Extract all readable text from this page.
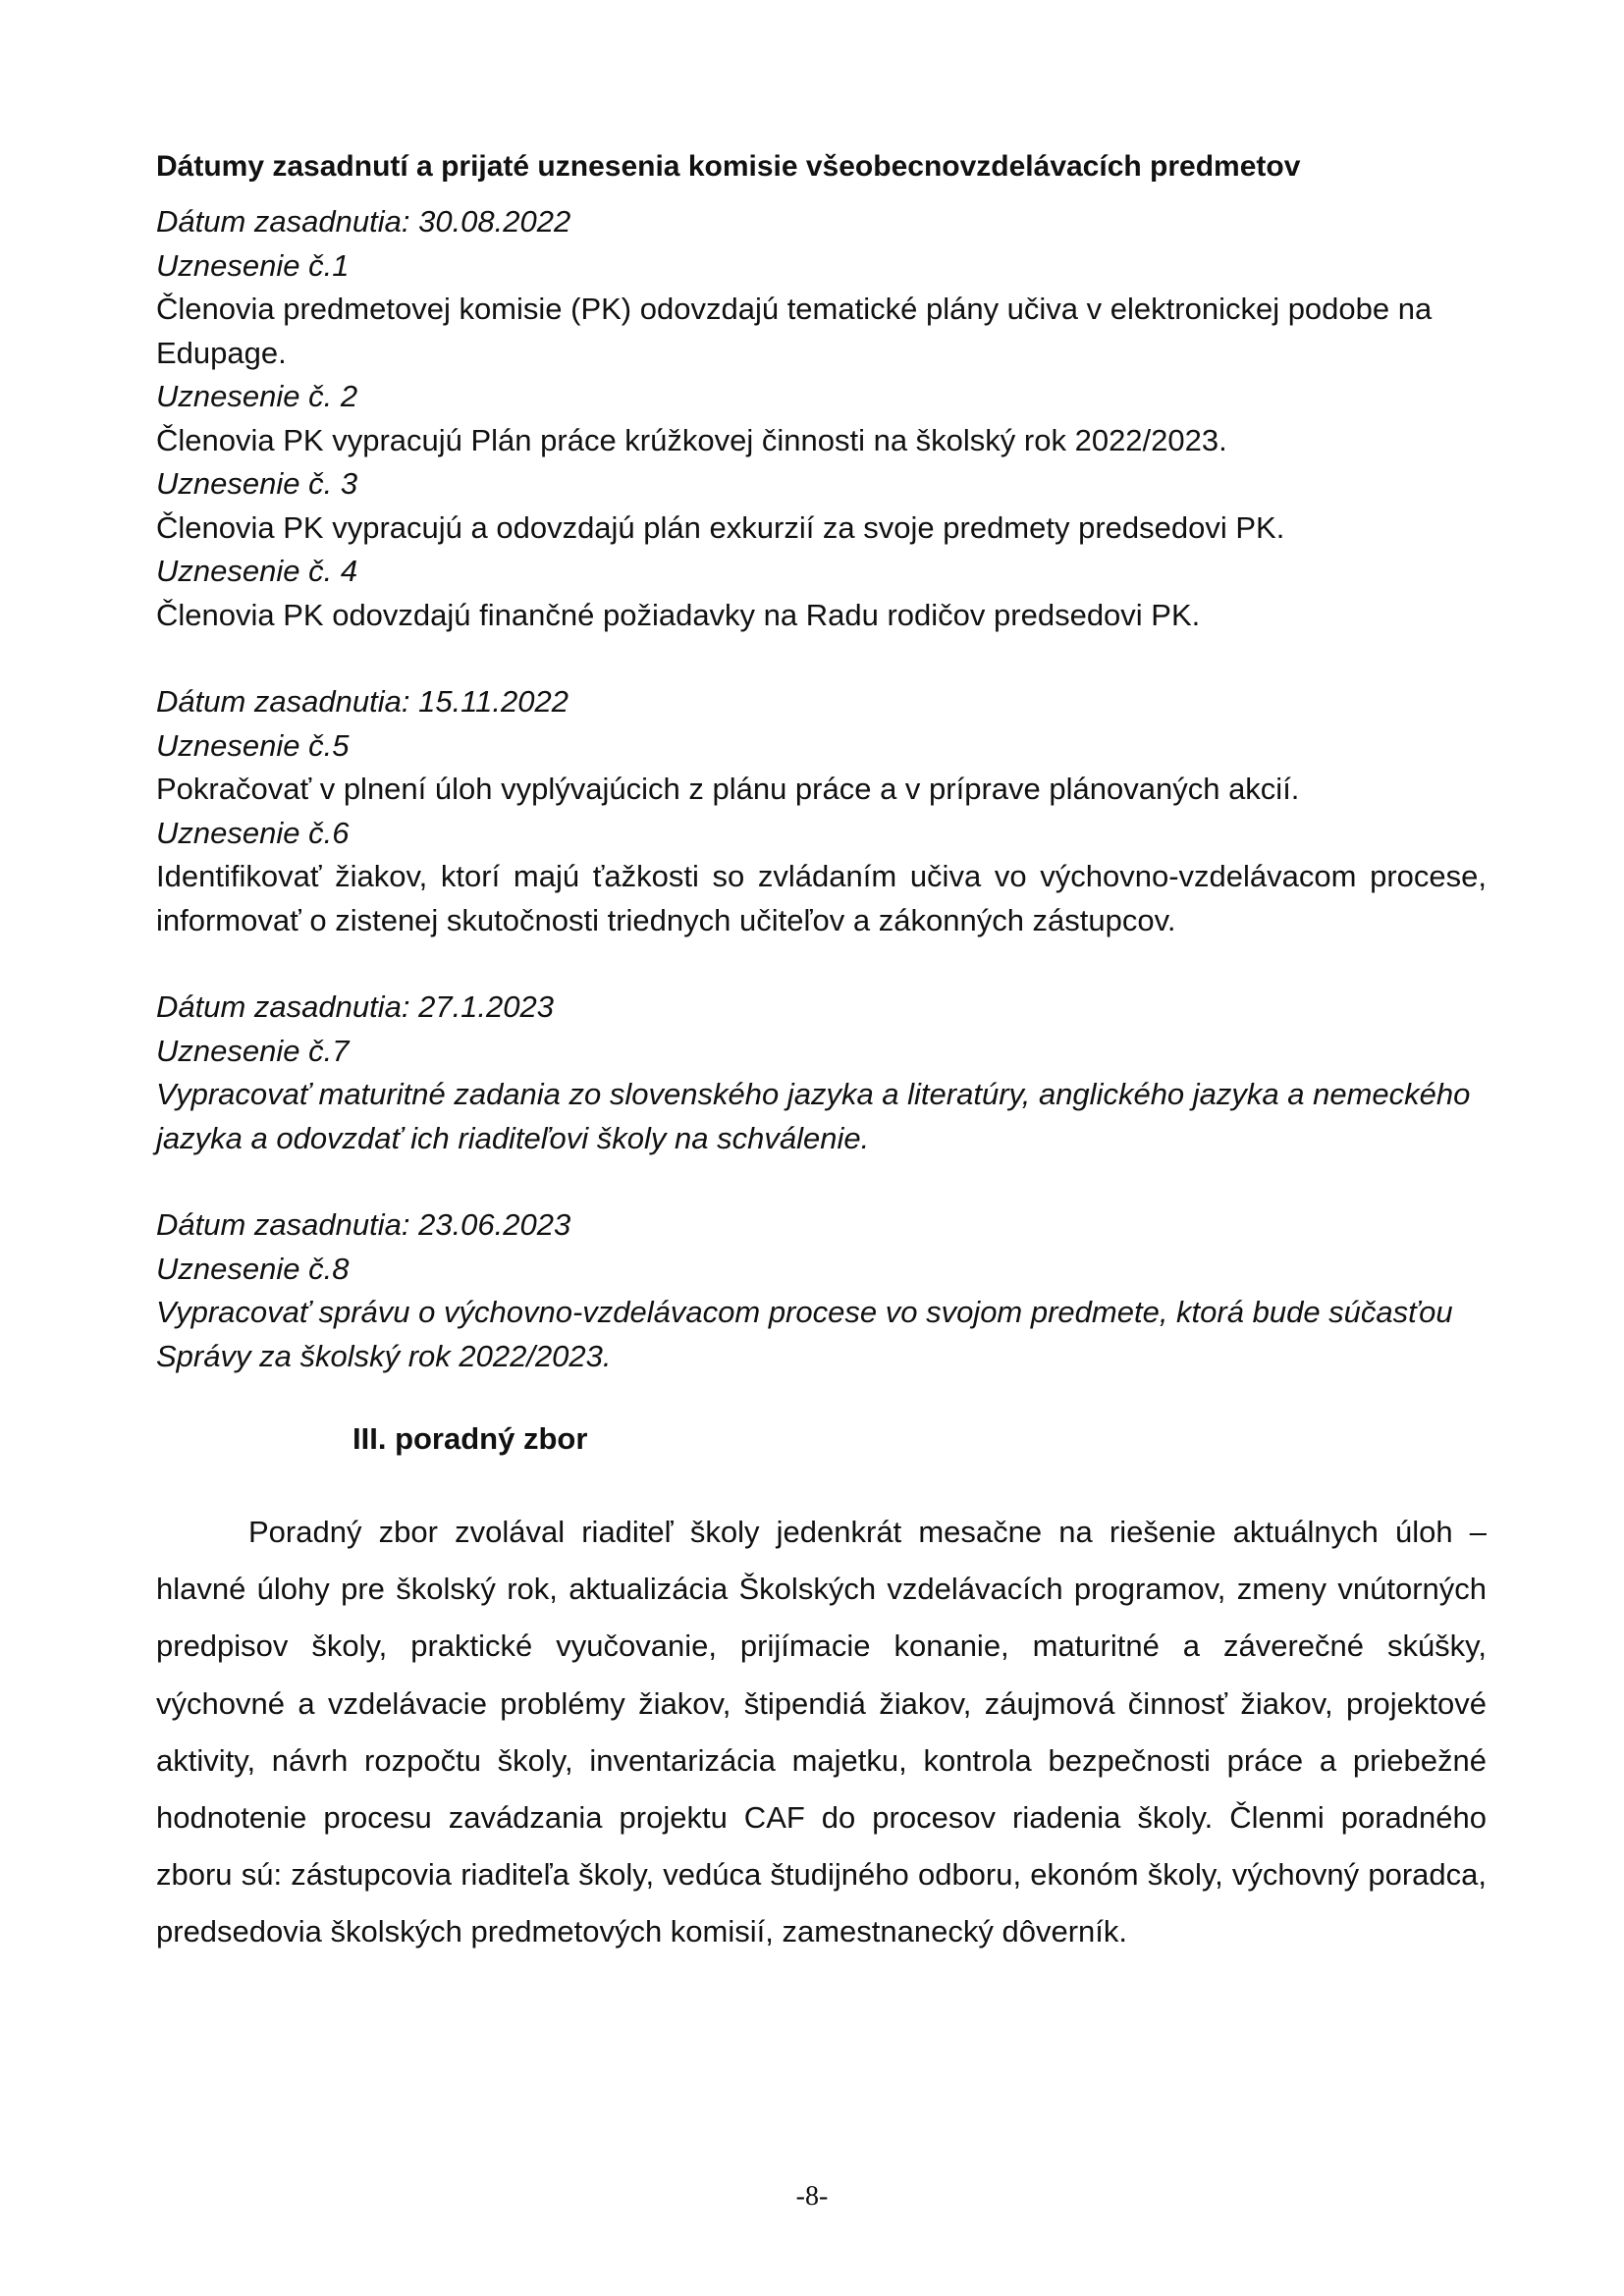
Dátumy zasadnutí a prijaté uznesenia komisie všeobecnovzdelávacích predmetov

Dátum zasadnutia: 30.08.2022

Uznesenie č.1

Členovia predmetovej komisie (PK) odovzdajú tematické plány učiva v elektronickej podobe na Edupage.

Uznesenie č. 2

Členovia PK vypracujú Plán práce krúžkovej činnosti na školský rok 2022/2023.

Uznesenie č. 3

Členovia PK vypracujú a odovzdajú plán exkurzií za svoje predmety predsedovi PK.

Uznesenie č. 4

Členovia PK odovzdajú finančné požiadavky na Radu rodičov predsedovi PK.

Dátum zasadnutia: 15.11.2022

Uznesenie č.5

Pokračovať v plnení úloh vyplývajúcich z plánu práce a v príprave plánovaných akcií.

Uznesenie č.6

Identifikovať žiakov, ktorí majú ťažkosti so zvládaním učiva vo výchovno-vzdelávacom procese, informovať o zistenej skutočnosti triednych učiteľov a zákonných zástupcov.

Dátum zasadnutia: 27.1.2023

Uznesenie č.7

Vypracovať maturitné zadania zo slovenského jazyka a literatúry, anglického jazyka a nemeckého jazyka a odovzdať ich riaditeľovi školy na schválenie.

Dátum zasadnutia: 23.06.2023

Uznesenie č.8

Vypracovať správu o výchovno-vzdelávacom procese vo svojom predmete, ktorá bude súčasťou Správy za školský rok 2022/2023.

III. poradný zbor

Poradný zbor zvolával riaditeľ školy jedenkrát mesačne na riešenie aktuálnych úloh – hlavné úlohy pre školský rok, aktualizácia Školských vzdelávacích programov, zmeny vnútorných predpisov školy, praktické vyučovanie, prijímacie konanie, maturitné a záverečné skúšky, výchovné a vzdelávacie problémy žiakov, štipendiá žiakov, záujmová činnosť žiakov, projektové aktivity, návrh rozpočtu školy, inventarizácia majetku, kontrola bezpečnosti práce a priebežné hodnotenie procesu zavádzania projektu CAF do procesov riadenia školy. Členmi poradného zboru sú: zástupcovia riaditeľa školy, vedúca študijného odboru, ekonóm školy, výchovný poradca, predsedovia školských predmetových komisií, zamestnanecký dôverník.

-8-
